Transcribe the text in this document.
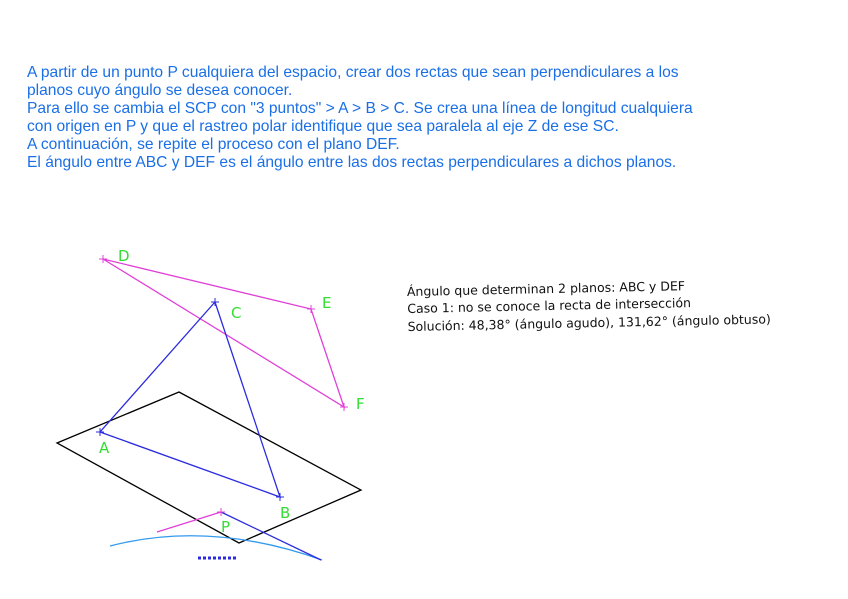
A partir de un punto P cualquiera del espacio, crear dos rectas que sean perpendiculares a los

planos cuyo ángulo se desea conocer.

Para ello se cambia el SCP con "3 puntos" > A > B > C. Se crea una línea de longitud cualquiera

con origen en P y que el rastreo polar identifique que sea paralela al eje Z de ese SC.

A continuación, se repite el proceso con el plano DEF.

El ángulo entre ABC y DEF es el ángulo entre las dos rectas perpendiculares a dichos planos.

A
B
C
D
E
F
P
Ángulo que determinan 2 planos: ABC y DEF
Caso 1: no se conoce la recta de intersección
Solución: 48,38° (ángulo agudo), 131,62° (ángulo obtuso)
